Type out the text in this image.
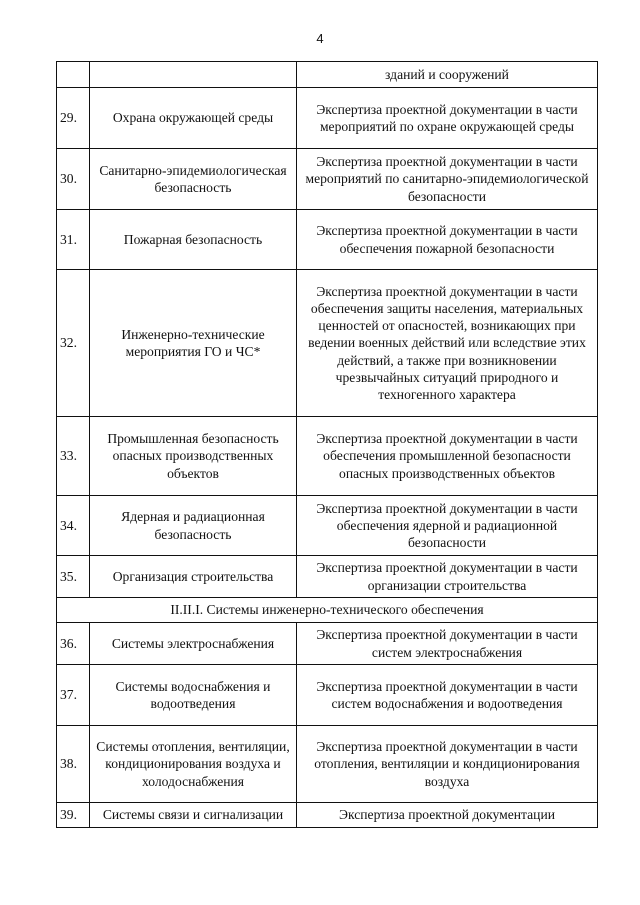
4
		зданий и сооружений
29.	Охрана окружающей среды	Экспертиза проектной документации в части мероприятий по охране окружающей среды
30.	Санитарно-эпидемиологическая безопасность	Экспертиза проектной документации в части мероприятий по санитарно-эпидемиологической безопасности
31.	Пожарная безопасность	Экспертиза проектной документации в части обеспечения пожарной безопасности
32.	Инженерно-технические мероприятия ГО и ЧС*	Экспертиза проектной документации в части обеспечения защиты населения, материальных ценностей от опасностей, возникающих при ведении военных действий или вследствие этих действий, а также при возникновении чрезвычайных ситуаций природного и техногенного характера
33.	Промышленная безопасность опасных производственных объектов	Экспертиза проектной документации в части обеспечения промышленной безопасности опасных производственных объектов
34.	Ядерная и радиационная безопасность	Экспертиза проектной документации в части обеспечения ядерной и радиационной безопасности
35.	Организация строительства	Экспертиза проектной документации в части организации строительства
II.II.I. Системы инженерно-технического обеспечения		
36.	Системы электроснабжения	Экспертиза проектной документации в части систем электроснабжения
37.	Системы водоснабжения и водоотведения	Экспертиза проектной документации в части систем водоснабжения и водоотведения
38.	Системы отопления, вентиляции, кондиционирования воздуха и холодоснабжения	Экспертиза проектной документации в части отопления, вентиляции и кондиционирования воздуха
39.	Системы связи и сигнализации	Экспертиза проектной документации
